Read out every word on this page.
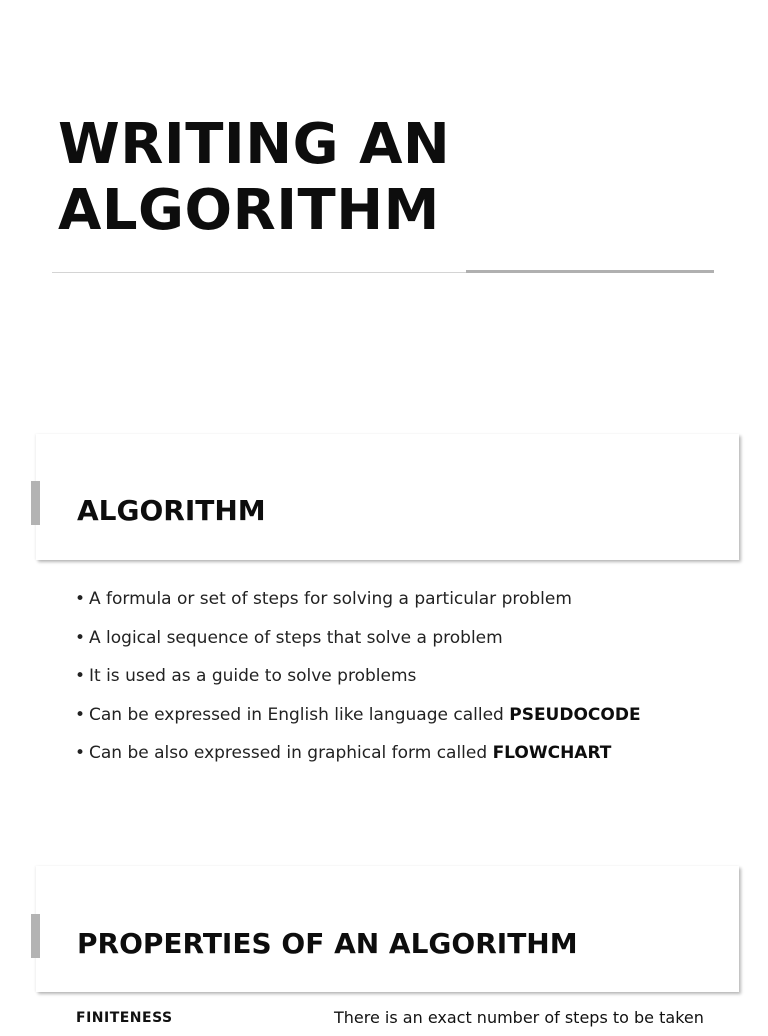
WRITING AN
ALGORITHM
ALGORITHM
• A formula or set of steps for solving a particular problem
• A logical sequence of steps that solve a problem
• It is used as a guide to solve problems
• Can be expressed in English like language called PSEUDOCODE
• Can be also expressed in graphical form called FLOWCHART
PROPERTIES OF AN ALGORITHM
FINITENESS	There is an exact number of steps to be taken
